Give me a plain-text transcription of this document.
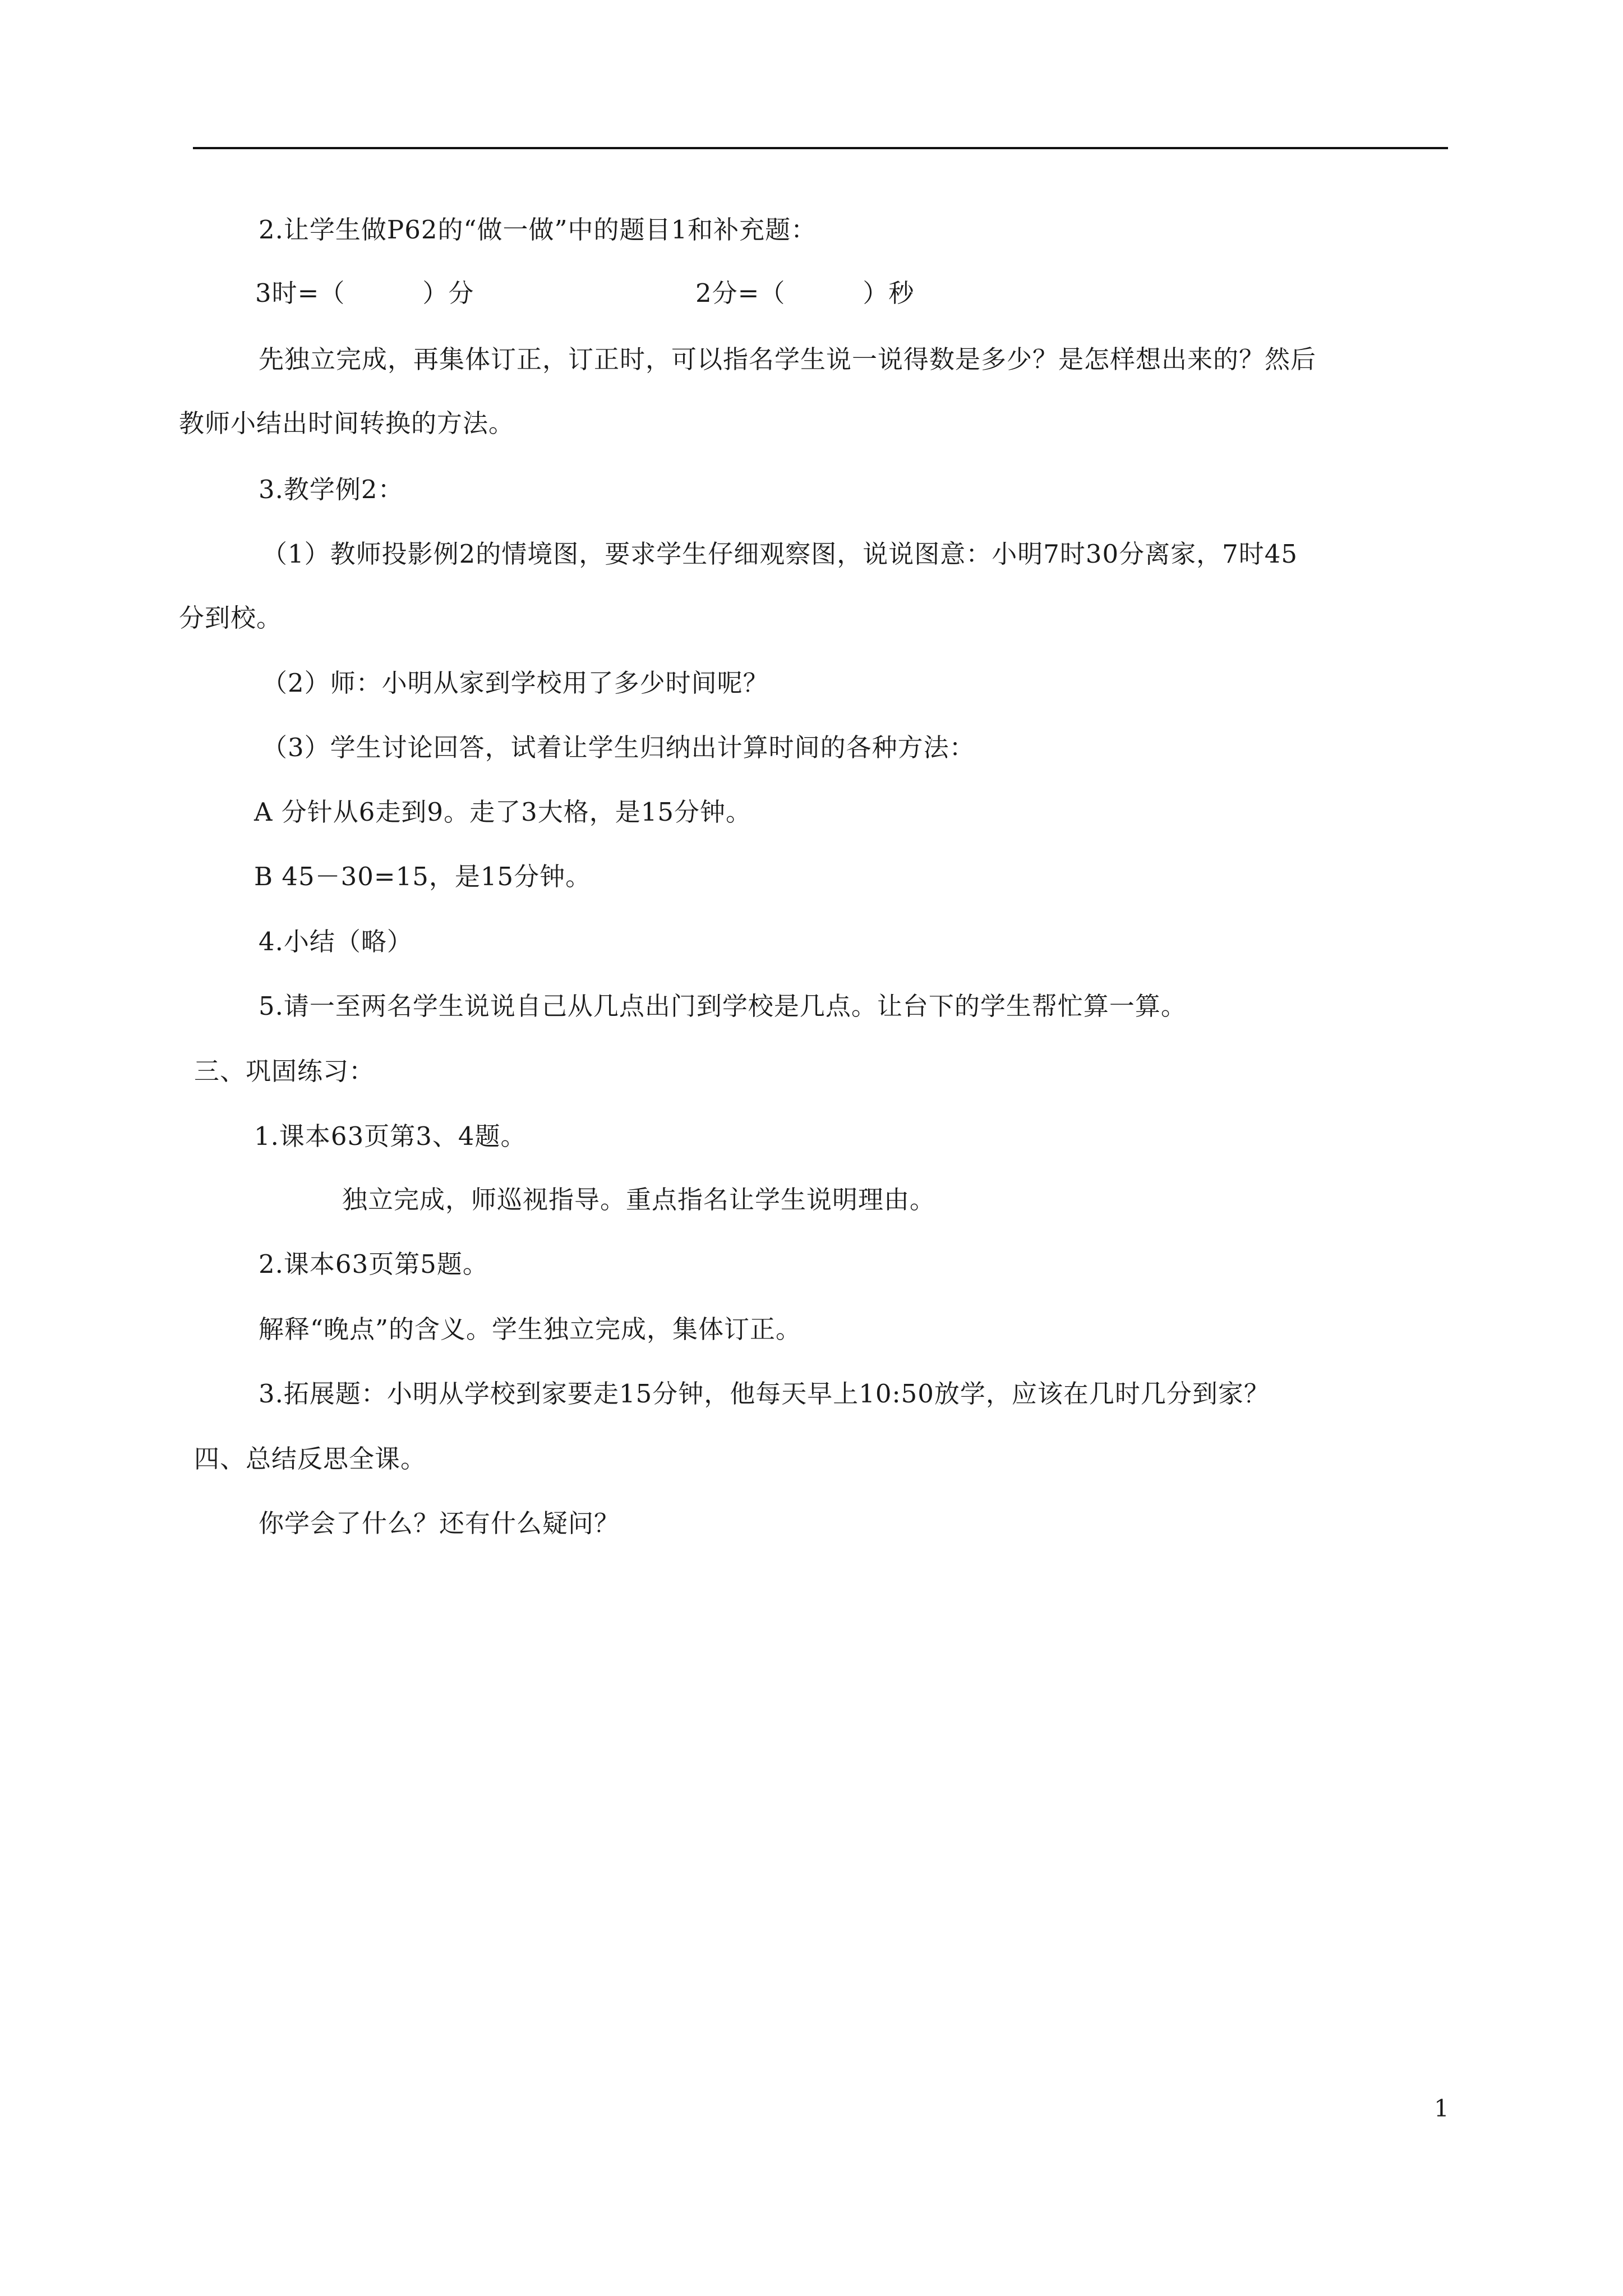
2.让学生做P62的“做一做”中的题目1和补充题：
3时=（　　　）分	2分=（　　　）秒
先独立完成，再集体订正，订正时，可以指名学生说一说得数是多少？是怎样想出来的？然后
教师小结出时间转换的方法。
3.教学例2：
（1）教师投影例2的情境图，要求学生仔细观察图，说说图意：小明7时30分离家，7时45
分到校。
（2）师：小明从家到学校用了多少时间呢？
（3）学生讨论回答，试着让学生归纳出计算时间的各种方法：
A 分针从6走到9。走了3大格，是15分钟。
B 45－30=15，是15分钟。
4.小结（略）
5.请一至两名学生说说自己从几点出门到学校是几点。让台下的学生帮忙算一算。
三、巩固练习：
1.课本63页第3、4题。
独立完成，师巡视指导。重点指名让学生说明理由。
2.课本63页第5题。
解释“晚点”的含义。学生独立完成，集体订正。
3.拓展题：小明从学校到家要走15分钟，他每天早上10:50放学，应该在几时几分到家？
四、总结反思全课。
你学会了什么？还有什么疑问？
1
